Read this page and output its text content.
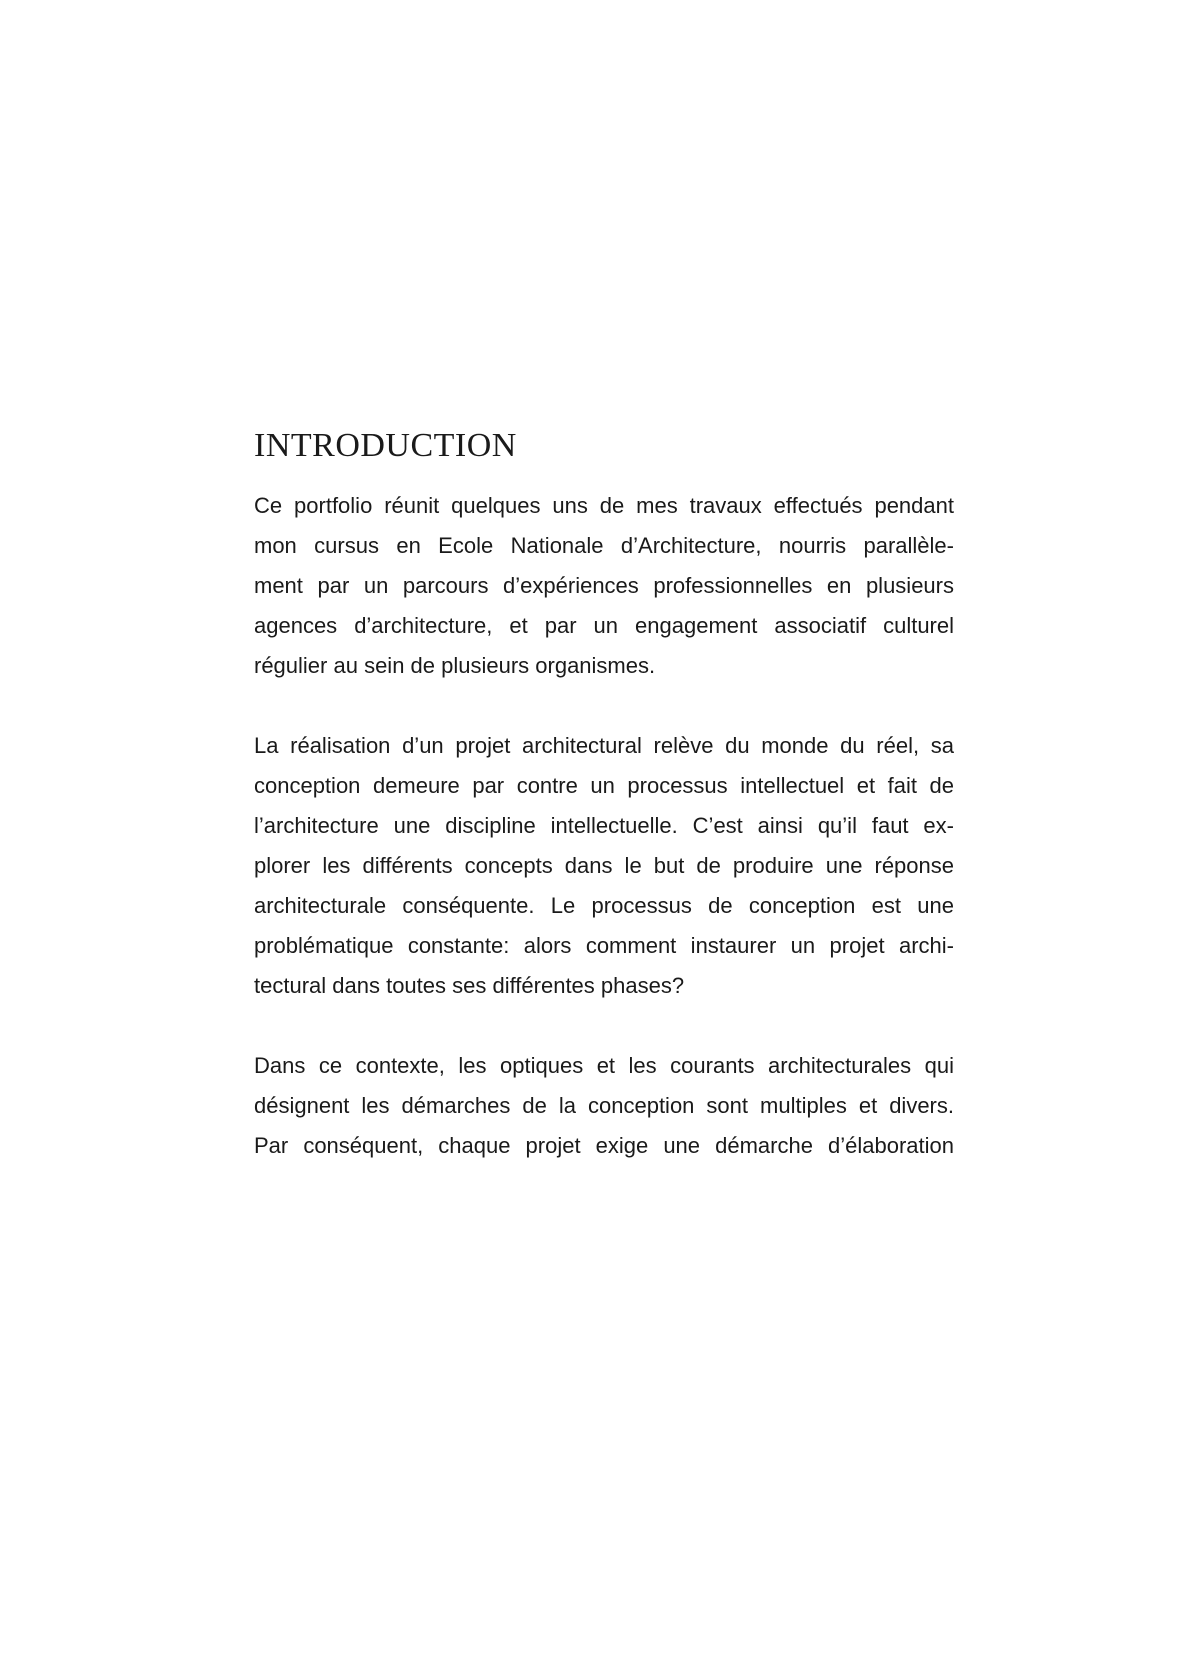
INTRODUCTION

Ce portfolio réunit quelques uns de mes travaux effectués pendant
mon cursus en Ecole Nationale d’Architecture, nourris parallèle-
ment par un parcours d’expériences professionnelles en plusieurs
agences d’architecture, et par un engagement associatif culturel
régulier au sein de plusieurs organismes.

La réalisation d’un projet architectural relève du monde du réel, sa
conception demeure par contre un processus intellectuel et fait de
l’architecture une discipline intellectuelle. C’est ainsi qu’il faut ex-
plorer les différents concepts dans le but de produire une réponse
architecturale conséquente. Le processus de conception est une
problématique constante: alors comment instaurer un projet archi-
tectural dans toutes ses différentes phases?

Dans ce contexte, les optiques et les courants architecturales qui
désignent les démarches de la conception sont multiples et divers.
Par conséquent, chaque projet exige une démarche d’élaboration
